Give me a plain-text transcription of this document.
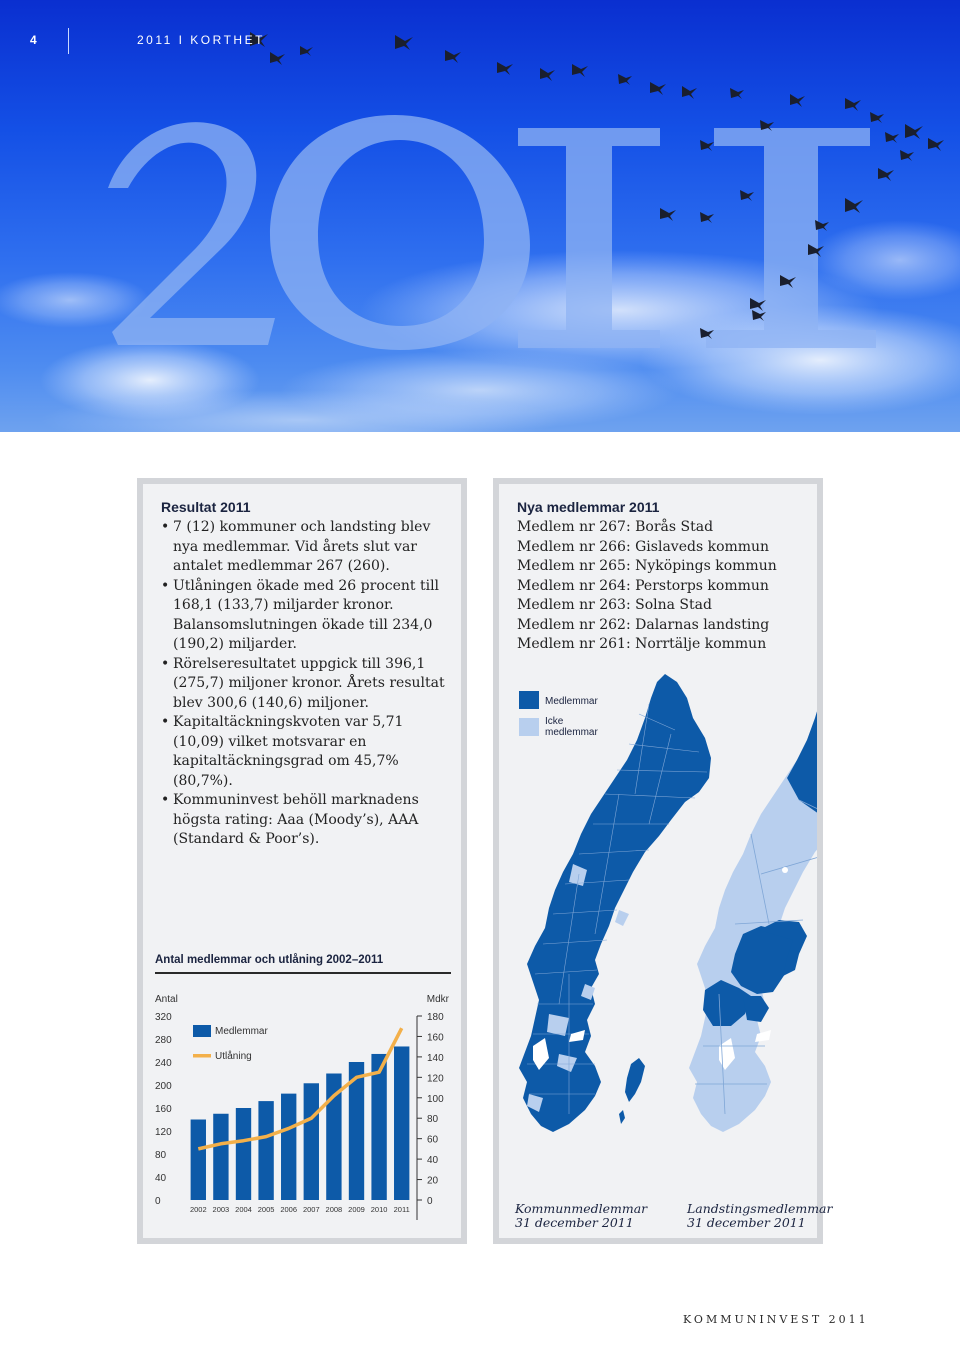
4	2011 I KORTHET
Resultat 2011
• 7 (12) kommuner och landsting blev nya medlemmar. Vid årets slut var antalet medlemmar 267 (260).
• Utlåningen ökade med 26 procent till 168,1 (133,7) miljarder kronor. Balansomslutningen ökade till 234,0 (190,2) miljarder.
• Rörelseresultatet uppgick till 396,1 (275,7) miljoner kronor. Årets resultat blev 300,6 (140,6) miljoner.
• Kapitaltäckningskvoten var 5,71 (10,09) vilket motsvarar en kapitaltäckningsgrad om 45,7% (80,7%).
• Kommuninvest behöll marknadens högsta rating: Aaa (Moody’s), AAA (Standard & Poor’s).
Antal medlemmar och utlåning 2002–2011
Antal	Mdkr
0
40
80
120
160
200
240
280
320
0
20
40
60
80
100
120
140
160
180
2002 2003 2004 2005 2006 2007 2008 2009 2010 2011
Medlemmar
Utlåning
Nya medlemmar 2011
Medlem nr 267: Borås Stad
Medlem nr 266: Gislaveds kommun
Medlem nr 265: Nyköpings kommun
Medlem nr 264: Perstorps kommun
Medlem nr 263: Solna Stad
Medlem nr 262: Dalarnas landsting
Medlem nr 261: Norrtälje kommun
Medlemmar
Icke medlemmar
Kommunmedlemmar
31 december 2011
Landstingsmedlemmar
31 december 2011
KOMMUNINVEST 2011
